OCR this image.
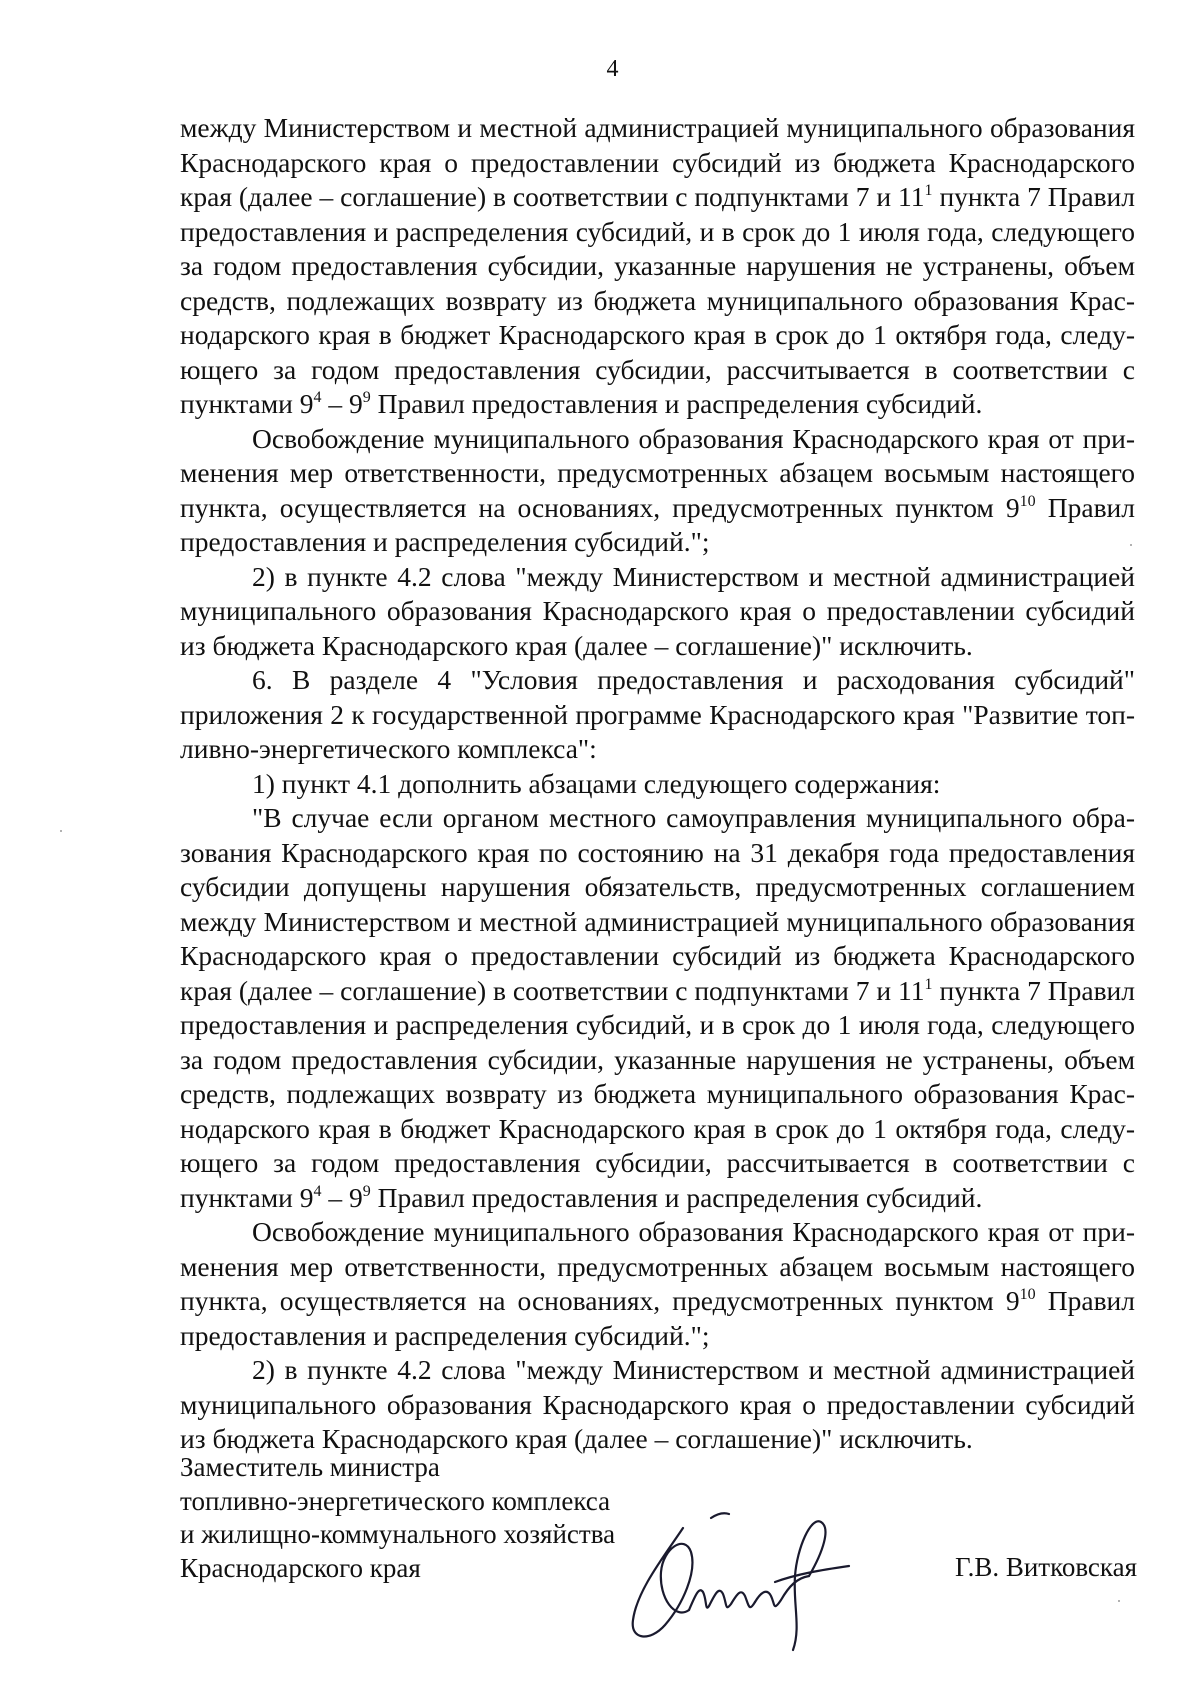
4
между Министерством и местной администрацией муниципального образования
Краснодарского края о предоставлении субсидий из бюджета Краснодарского
края (далее – соглашение) в соответствии с подпунктами 7 и $11^1$ пункта 7 Правил
предоставления и распределения субсидий, и в срок до 1 июля года, следующего
за годом предоставления субсидии, указанные нарушения не устранены, объем
средств, подлежащих возврату из бюджета муниципального образования Крас-
нодарского края в бюджет Краснодарского края в срок до 1 октября года, следу-
ющего за годом предоставления субсидии, рассчитывается в соответствии с
пунктами $9^4 - 9^9$ Правил предоставления и распределения субсидий.
Освобождение муниципального образования Краснодарского края от при-
менения мер ответственности, предусмотренных абзацем восьмым настоящего
пункта, осуществляется на основаниях, предусмотренных пунктом $9^{10}$ Правил
предоставления и распределения субсидий.";
2) в пункте 4.2 слова "между Министерством и местной администрацией
муниципального образования Краснодарского края о предоставлении субсидий
из бюджета Краснодарского края (далее – соглашение)" исключить.
6. В разделе 4 "Условия предоставления и расходования субсидий"
приложения 2 к государственной программе Краснодарского края "Развитие топ-
ливно-энергетического комплекса":
1) пункт 4.1 дополнить абзацами следующего содержания:
"В случае если органом местного самоуправления муниципального обра-
зования Краснодарского края по состоянию на 31 декабря года предоставления
субсидии допущены нарушения обязательств, предусмотренных соглашением
между Министерством и местной администрацией муниципального образования
Краснодарского края о предоставлении субсидий из бюджета Краснодарского
края (далее – соглашение) в соответствии с подпунктами 7 и $11^1$ пункта 7 Правил
предоставления и распределения субсидий, и в срок до 1 июля года, следующего
за годом предоставления субсидии, указанные нарушения не устранены, объем
средств, подлежащих возврату из бюджета муниципального образования Крас-
нодарского края в бюджет Краснодарского края в срок до 1 октября года, следу-
ющего за годом предоставления субсидии, рассчитывается в соответствии с
пунктами $9^4 - 9^9$ Правил предоставления и распределения субсидий.
Освобождение муниципального образования Краснодарского края от при-
менения мер ответственности, предусмотренных абзацем восьмым настоящего
пункта, осуществляется на основаниях, предусмотренных пунктом $9^{10}$ Правил
предоставления и распределения субсидий.";
2) в пункте 4.2 слова "между Министерством и местной администрацией
муниципального образования Краснодарского края о предоставлении субсидий
из бюджета Краснодарского края (далее – соглашение)" исключить.
Заместитель министра
топливно-энергетического комплекса
и жилищно-коммунального хозяйства
Краснодарского края	Г.В. Витковская
